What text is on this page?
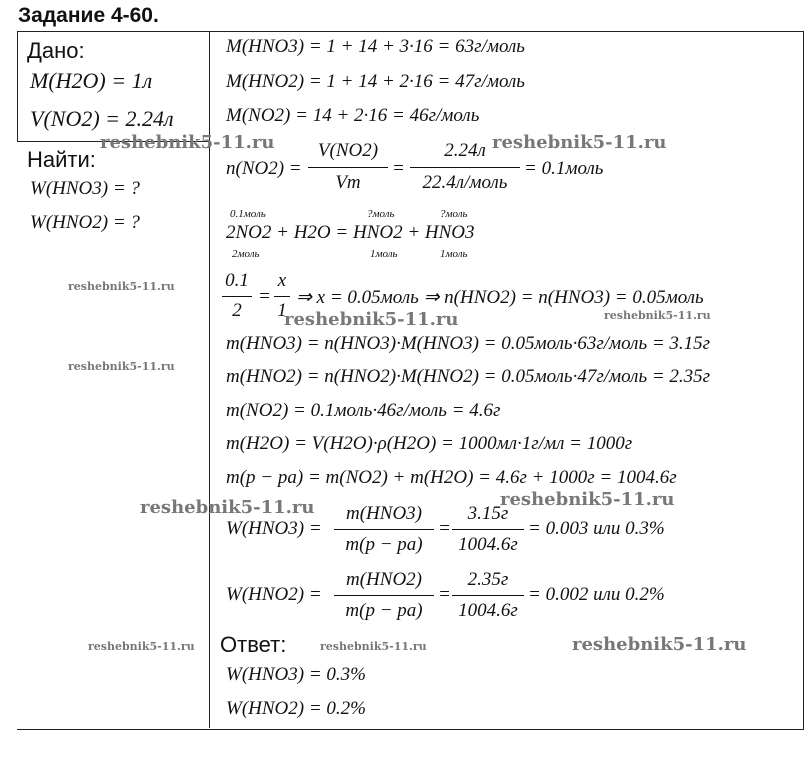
Задание 4-60.
Дано:
M(H2O) = 1л
V(NO2) = 2.24л
Найти:
W(HNO3) = ?
W(HNO2) = ?
M(HNO3) = 1 + 14 + 3·16 = 63г/моль
M(HNO2) = 1 + 14 + 2·16 = 47г/моль
M(NO2) = 14 + 2·16 = 46г/моль
n(NO2) =
V(NO2)
Vm
=
2.24л
22.4л/моль
= 0.1моль
0.1моль	?моль	?моль
2NO2 + H2O = HNO2 + HNO3
2моль	1моль	1моль
0.1
2
=
x
1
⇒ x = 0.05моль ⇒ n(HNO2) = n(HNO3) = 0.05моль
m(HNO3) = n(HNO3)·M(HNO3) = 0.05моль·63г/моль = 3.15г
m(HNO2) = n(HNO2)·M(HNO2) = 0.05моль·47г/моль = 2.35г
m(NO2) = 0.1моль·46г/моль = 4.6г
m(H2O) = V(H2O)·ρ(H2O) = 1000мл·1г/мл = 1000г
m(p − pa) = m(NO2) + m(H2O) = 4.6г + 1000г = 1004.6г
W(HNO3) =
m(HNO3)
m(p − pa)
=
3.15г
1004.6г
= 0.003 или 0.3%
W(HNO2) =
m(HNO2)
m(p − pa)
=
2.35г
1004.6г
= 0.002 или 0.2%
Ответ:
W(HNO3) = 0.3%
W(HNO2) = 0.2%
reshebnik5-11.ru	reshebnik5-11.ru
reshebnik5-11.ru
reshebnik5-11.ru	reshebnik5-11.ru
reshebnik5-11.ru
reshebnik5-11.ru	reshebnik5-11.ru
reshebnik5-11.ru	reshebnik5-11.ru	reshebnik5-11.ru
